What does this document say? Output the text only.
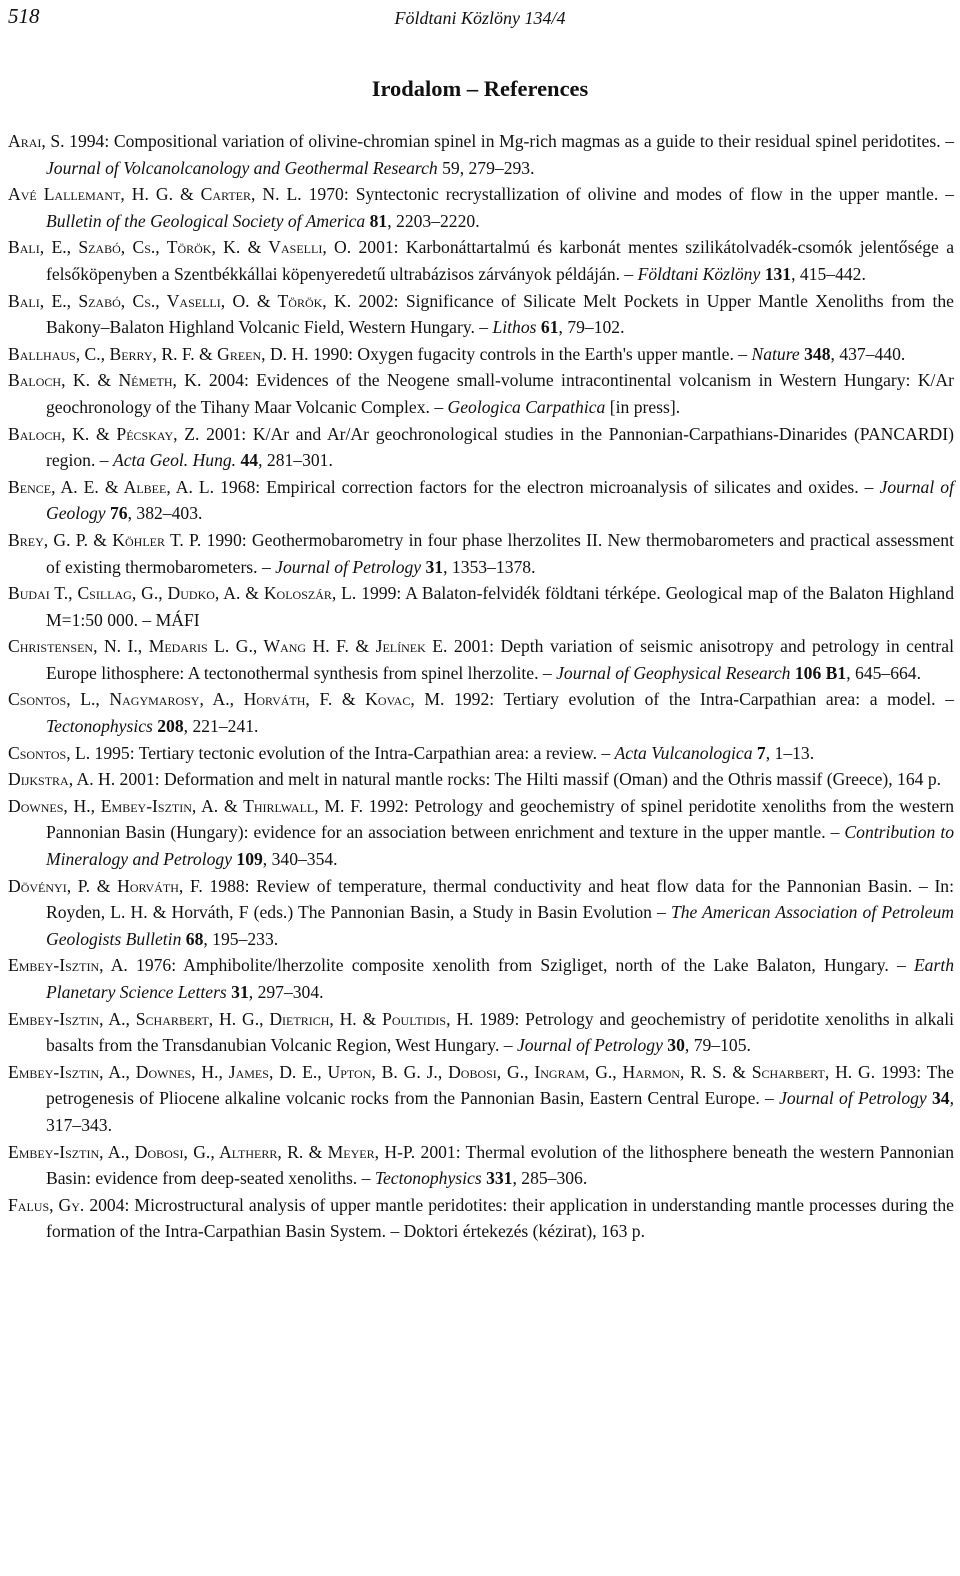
518	Földtani Közlöny 134/4
Irodalom – References

Arai, S. 1994: Compositional variation of olivine-chromian spinel in Mg-rich magmas as a guide to their residual spinel peridotites. – Journal of Volcanolcanology and Geothermal Research 59, 279–293.

Avé Lallemant, H. G. & Carter, N. L. 1970: Syntectonic recrystallization of olivine and modes of flow in the upper mantle. – Bulletin of the Geological Society of America 81, 2203–2220.

Bali, E., Szabó, Cs., Török, K. & Vaselli, O. 2001: Karbonáttartalmú és karbonát mentes szilikátolvadék-csomók jelentősége a felsőköpenyben a Szentbékkállai köpenyeredetű ultrabázisos zárványok példáján. – Földtani Közlöny 131, 415–442.

Bali, E., Szabó, Cs., Vaselli, O. & Török, K. 2002: Significance of Silicate Melt Pockets in Upper Mantle Xenoliths from the Bakony–Balaton Highland Volcanic Field, Western Hungary. – Lithos 61, 79–102.

Ballhaus, C., Berry, R. F. & Green, D. H. 1990: Oxygen fugacity controls in the Earth's upper mantle. – Nature 348, 437–440.

Baloch, K. & Németh, K. 2004: Evidences of the Neogene small-volume intracontinental volcanism in Western Hungary: K/Ar geochronology of the Tihany Maar Volcanic Complex. – Geologica Carpathica [in press].

Baloch, K. & Pécskay, Z. 2001: K/Ar and Ar/Ar geochronological studies in the Pannonian-Carpathians-Dinarides (PANCARDI) region. – Acta Geol. Hung. 44, 281–301.

Bence, A. E. & Albee, A. L. 1968: Empirical correction factors for the electron microanalysis of silicates and oxides. – Journal of Geology 76, 382–403.

Brey, G. P. & Köhler T. P. 1990: Geothermobarometry in four phase lherzolites II. New thermobarometers and practical assessment of existing thermobarometers. – Journal of Petrology 31, 1353–1378.

Budai T., Csillag, G., Dudko, A. & Koloszár, L. 1999: A Balaton-felvidék földtani térképe. Geological map of the Balaton Highland M=1:50 000. – MÁFI

Christensen, N. I., Medaris L. G., Wang H. F. & Jelínek E. 2001: Depth variation of seismic anisotropy and petrology in central Europe lithosphere: A tectonothermal synthesis from spinel lherzolite. – Journal of Geophysical Research 106 B1, 645–664.

Csontos, L., Nagymarosy, A., Horváth, F. & Kovac, M. 1992: Tertiary evolution of the Intra-Carpathian area: a model. – Tectonophysics 208, 221–241.

Csontos, L. 1995: Tertiary tectonic evolution of the Intra-Carpathian area: a review. – Acta Vulcanologica 7, 1–13.

Dijkstra, A. H. 2001: Deformation and melt in natural mantle rocks: The Hilti massif (Oman) and the Othris massif (Greece), 164 p.

Downes, H., Embey-Isztin, A. & Thirlwall, M. F. 1992: Petrology and geochemistry of spinel peridotite xenoliths from the western Pannonian Basin (Hungary): evidence for an association between enrichment and texture in the upper mantle. – Contribution to Mineralogy and Petrology 109, 340–354.

Dövényi, P. & Horváth, F. 1988: Review of temperature, thermal conductivity and heat flow data for the Pannonian Basin. – In: Royden, L. H. & Horváth, F (eds.) The Pannonian Basin, a Study in Basin Evolution – The American Association of Petroleum Geologists Bulletin 68, 195–233.

Embey-Isztin, A. 1976: Amphibolite/lherzolite composite xenolith from Szigliget, north of the Lake Balaton, Hungary. – Earth Planetary Science Letters 31, 297–304.

Embey-Isztin, A., Scharbert, H. G., Dietrich, H. & Poultidis, H. 1989: Petrology and geochemistry of peridotite xenoliths in alkali basalts from the Transdanubian Volcanic Region, West Hungary. – Journal of Petrology 30, 79–105.

Embey-Isztin, A., Downes, H., James, D. E., Upton, B. G. J., Dobosi, G., Ingram, G., Harmon, R. S. & Scharbert, H. G. 1993: The petrogenesis of Pliocene alkaline volcanic rocks from the Pannonian Basin, Eastern Central Europe. – Journal of Petrology 34, 317–343.

Embey-Isztin, A., Dobosi, G., Altherr, R. & Meyer, H-P. 2001: Thermal evolution of the lithosphere beneath the western Pannonian Basin: evidence from deep-seated xenoliths. – Tectonophysics 331, 285–306.

Falus, Gy. 2004: Microstructural analysis of upper mantle peridotites: their application in understanding mantle processes during the formation of the Intra-Carpathian Basin System. – Doktori értekezés (kézirat), 163 p.
